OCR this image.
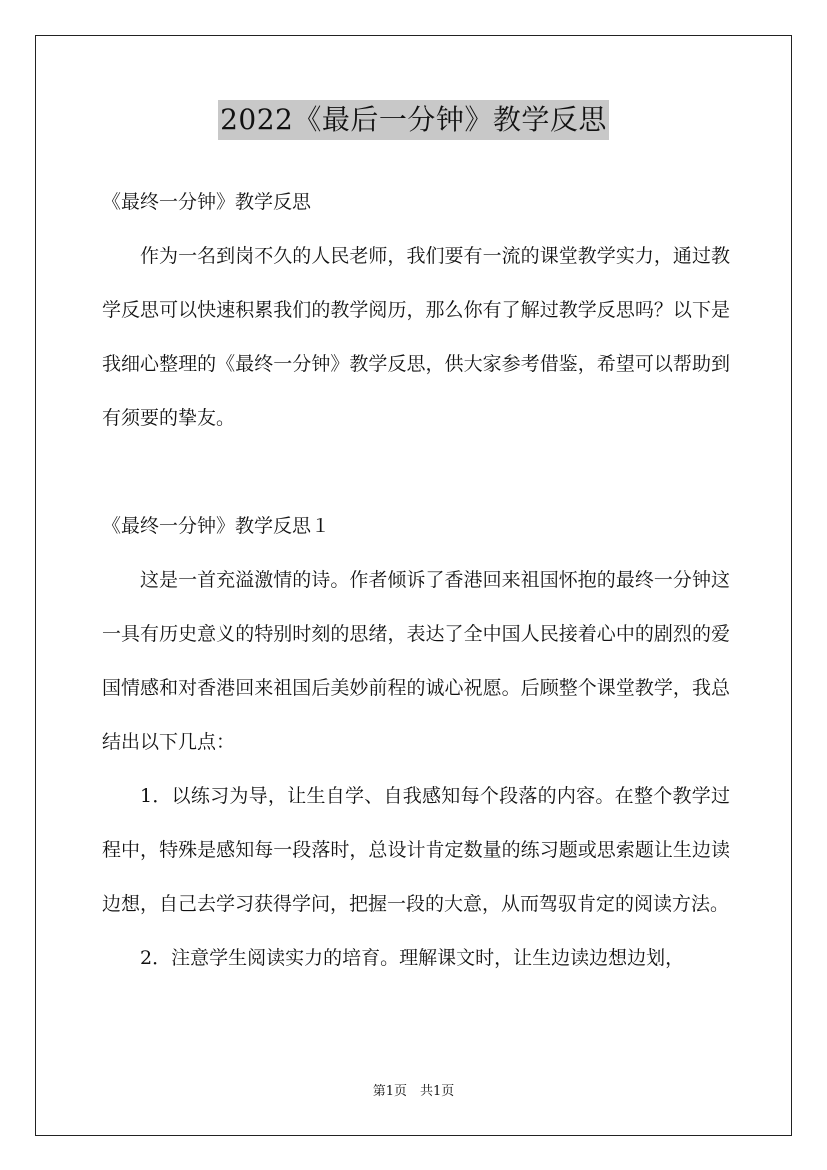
2022《最后一分钟》教学反思

《最终一分钟》教学反思

作为一名到岗不久的人民老师，我们要有一流的课堂教学实力，通过教学反思可以快速积累我们的教学阅历，那么你有了解过教学反思吗？以下是我细心整理的《最终一分钟》教学反思，供大家参考借鉴，希望可以帮助到有须要的挚友。

《最终一分钟》教学反思１

这是一首充溢激情的诗。作者倾诉了香港回来祖国怀抱的最终一分钟这一具有历史意义的特别时刻的思绪，表达了全中国人民接着心中的剧烈的爱国情感和对香港回来祖国后美妙前程的诚心祝愿。后顾整个课堂教学，我总结出以下几点：

1．以练习为导，让生自学、自我感知每个段落的内容。在整个教学过程中，特殊是感知每一段落时，总设计肯定数量的练习题或思索题让生边读边想，自己去学习获得学问，把握一段的大意，从而驾驭肯定的阅读方法。

2．注意学生阅读实力的培育。理解课文时，让生边读边想边划，

第1页　共1页
